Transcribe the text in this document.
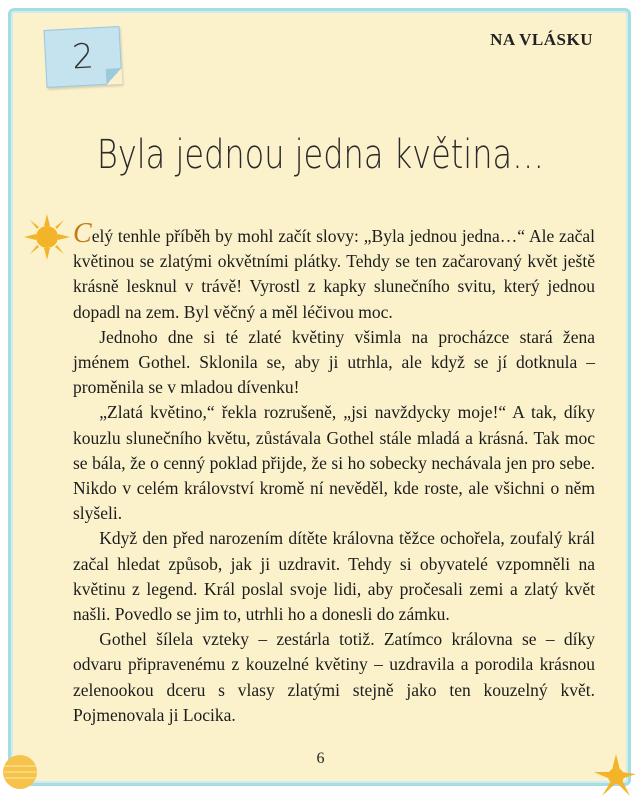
2	NA VLÁSKU
Byla jednou jedna květina…

Celý tenhle příběh by mohl začít slovy: „Byla jednou jedna…“ Ale začal květinou se zlatými okvětními plátky. Tehdy se ten začarovaný květ ještě krásně lesknul v trávě! Vyrostl z kapky slunečního svitu, který jednou dopadl na zem. Byl věčný a měl léčivou moc.

Jednoho dne si té zlaté květiny všimla na procházce stará žena jménem Gothel. Sklonila se, aby ji utrhla, ale když se jí dotknula – proměnila se v mladou dívenku!

„Zlatá květino,“ řekla rozrušeně, „jsi navždycky moje!“ A tak, díky kouzlu slunečního květu, zůstávala Gothel stále mladá a krásná. Tak moc se bála, že o cenný poklad přijde, že si ho sobecky nechávala jen pro sebe. Nikdo v celém království kromě ní nevěděl, kde roste, ale všichni o něm slyšeli.

Když den před narozením dítěte královna těžce ochořela, zoufalý král začal hledat způsob, jak ji uzdravit. Tehdy si obyvatelé vzpomněli na květinu z legend. Král poslal svoje lidi, aby pročesali zemi a zlatý květ našli. Povedlo se jim to, utrhli ho a donesli do zámku.

Gothel šílela vzteky – zestárla totiž. Zatímco královna se – díky odvaru připravenému z kouzelné květiny – uzdravila a porodila krásnou zelenookou dceru s vlasy zlatými stejně jako ten kouzelný květ. Pojmenovala ji Locika.

6
